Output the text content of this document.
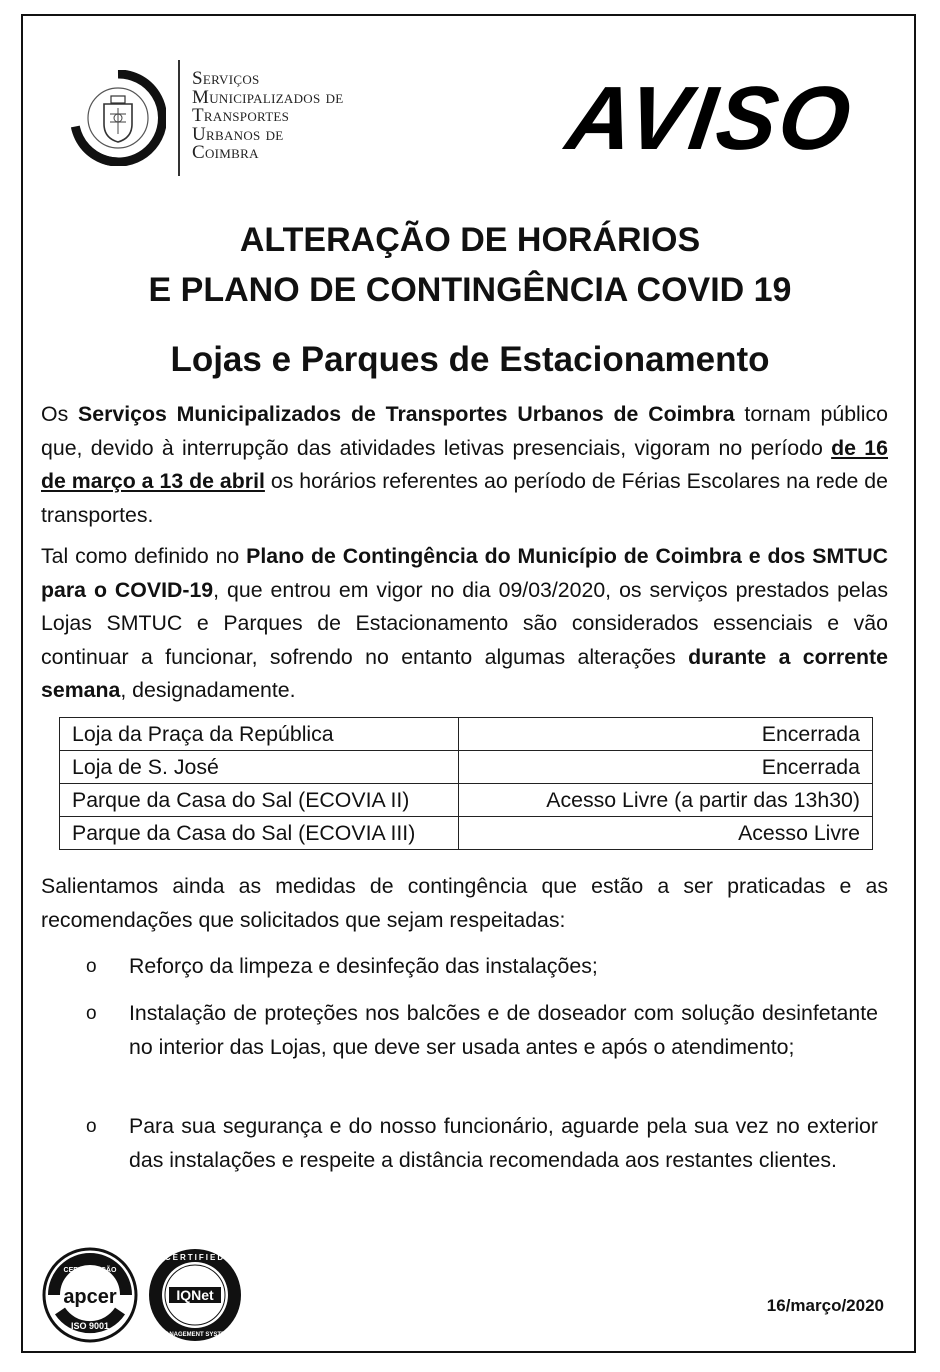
Serviços
Municipalizados de
Transportes
Urbanos de
Coimbra	AVISO
ALTERAÇÃO DE HORÁRIOS
E PLANO DE CONTINGÊNCIA COVID 19
Lojas e Parques de Estacionamento
Os Serviços Municipalizados de Transportes Urbanos de Coimbra tornam público que, devido à interrupção das atividades letivas presenciais, vigoram no período de 16 de março a 13 de abril os horários referentes ao período de Férias Escolares na rede de transportes.
Tal como definido no Plano de Contingência do Município de Coimbra e dos SMTUC para o COVID-19, que entrou em vigor no dia 09/03/2020, os serviços prestados pelas Lojas SMTUC e Parques de Estacionamento são considerados essenciais e vão continuar a funcionar, sofrendo no entanto algumas alterações durante a corrente semana, designadamente.
Loja da Praça da República	Encerrada
Loja de S. José	Encerrada
Parque da Casa do Sal (ECOVIA II)	Acesso Livre (a partir das 13h30)
Parque da Casa do Sal (ECOVIA III)	Acesso Livre
Salientamos ainda as medidas de contingência que estão a ser praticadas e as recomendações que solicitados que sejam respeitadas:
o Reforço da limpeza e desinfeção das instalações;
o Instalação de proteções nos balcões e de doseador com solução desinfetante no interior das Lojas, que deve ser usada antes e após o atendimento;
o Para sua segurança e do nosso funcionário, aguarde pela sua vez no exterior das instalações e respeite a distância recomendada aos restantes clientes.
CERTIFICAÇÃO
apcer
ISO 9001
CERTIFIED
IQNet
MANAGEMENT SYSTEM
16/março/2020
